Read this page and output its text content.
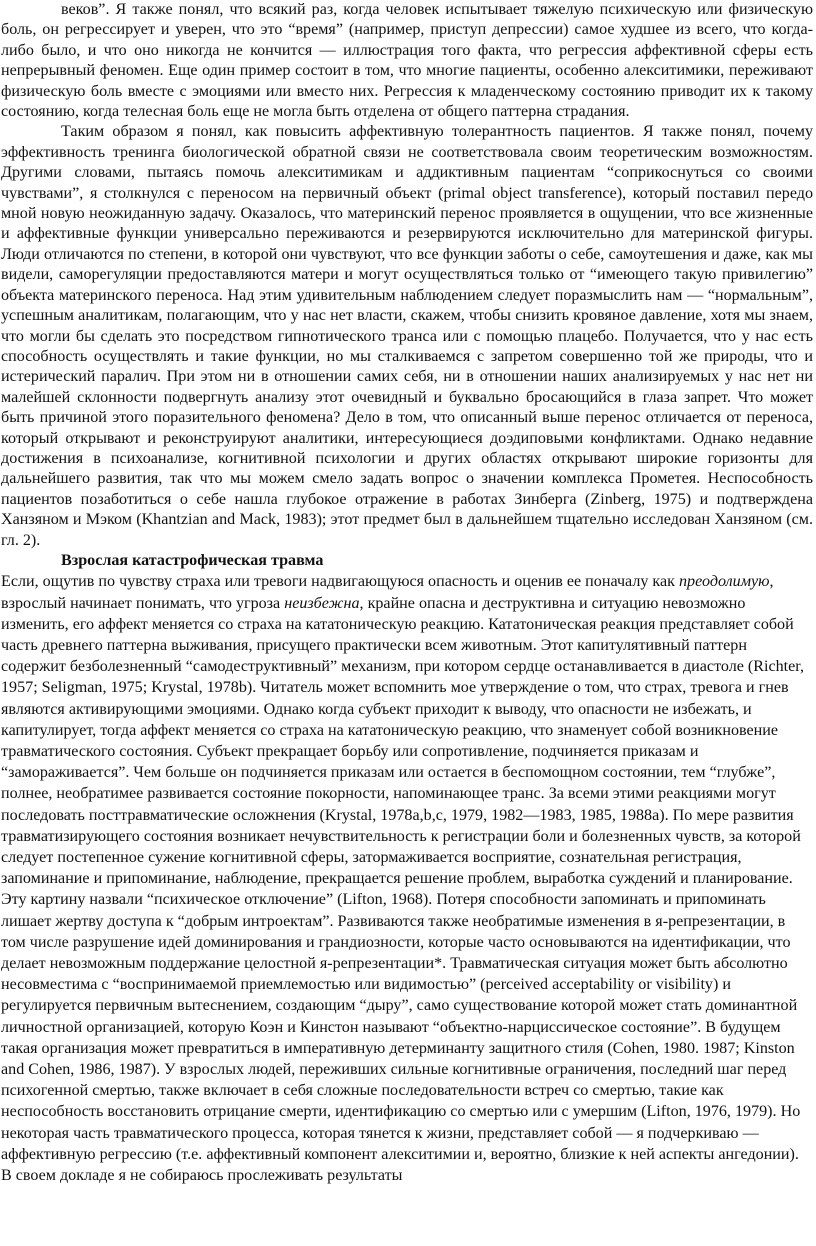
веков”. Я также понял, что всякий раз, когда человек испытывает тяжелую психическую или физическую боль, он регрессирует и уверен, что это “время” (например, приступ депрессии) самое худшее из всего, что когда-либо было, и что оно никогда не кончится — иллюстрация того факта, что регрессия аффективной сферы есть непрерывный феномен. Еще один пример состоит в том, что многие пациенты, особенно алекситимики, переживают физическую боль вместе с эмоциями или вместо них. Регрессия к младенческому состоянию приводит их к такому состоянию, когда телесная боль еще не могла быть отделена от общего паттерна страдания.

Таким образом я понял, как повысить аффективную толерантность пациентов. Я также понял, почему эффективность тренинга биологической обратной связи не соответствовала своим теоретическим возможностям. Другими словами, пытаясь помочь алекситимикам и аддиктивным пациентам “соприкоснуться со своими чувствами”, я столкнулся с переносом на первичный объект (primal object transference), который поставил передо мной новую неожиданную задачу. Оказалось, что материнский перенос проявляется в ощущении, что все жизненные и аффективные функции универсально переживаются и резервируются исключительно для материнской фигуры. Люди отличаются по степени, в которой они чувствуют, что все функции заботы о себе, самоутешения и даже, как мы видели, саморегуляции предоставляются матери и могут осуществляться только от “имеющего такую привилегию” объекта материнского переноса. Над этим удивительным наблюдением следует поразмыслить нам — “нормальным”, успешным аналитикам, полагающим, что у нас нет власти, скажем, чтобы снизить кровяное давление, хотя мы знаем, что могли бы сделать это посредством гипнотического транса или с помощью плацебо. Получается, что у нас есть способность осуществлять и такие функции, но мы сталкиваемся с запретом совершенно той же природы, что и истерический паралич. При этом ни в отношении самих себя, ни в отношении наших анализируемых у нас нет ни малейшей склонности подвергнуть анализу этот очевидный и буквально бросающийся в глаза запрет. Что может быть причиной этого поразительного феномена? Дело в том, что описанный выше перенос отличается от переноса, который открывают и реконструируют аналитики, интересующиеся доэдиповыми конфликтами. Однако недавние достижения в психоанализе, когнитивной психологии и других областях открывают широкие горизонты для дальнейшего развития, так что мы можем смело задать вопрос о значении комплекса Прометея. Неспособность пациентов позаботиться о себе нашла глубокое отражение в работах Зинберга (Zinberg, 1975) и подтверждена Ханзяном и Мэком (Khantzian and Mack, 1983); этот предмет был в дальнейшем тщательно исследован Ханзяном (см. гл. 2).

Взрослая катастрофическая травма

Если, ощутив по чувству страха или тревоги надвигающуюся опасность и оценив ее поначалу как преодолимую, взрослый начинает понимать, что угроза неизбежна, крайне опасна и деструктивна и ситуацию невозможно изменить, его аффект меняется со страха на кататоническую реакцию. Кататоническая реакция представляет собой часть древнего паттерна выживания, присущего практически всем животным. Этот капитулятивный паттерн содержит безболезненный “самодеструктивный” механизм, при котором сердце останавливается в диастоле (Richter, 1957; Seligman, 1975; Krystal, 1978b). Читатель может вспомнить мое утверждение о том, что страх, тревога и гнев являются активирующими эмоциями. Однако когда субъект приходит к выводу, что опасности не избежать, и капитулирует, тогда аффект меняется со страха на кататоническую реакцию, что знаменует собой возникновение травматического состояния. Субъект прекращает борьбу или сопротивление, подчиняется приказам и “замораживается”. Чем больше он подчиняется приказам или остается в беспомощном состоянии, тем “глубже”, полнее, необратимее развивается состояние покорности, напоминающее транс. За всеми этими реакциями могут последовать посттравматические осложнения (Krystal, 1978a,b,c, 1979, 1982—1983, 1985, 1988a). По мере развития травматизирующего состояния возникает нечувствительность к регистрации боли и болезненных чувств, за которой следует постепенное сужение когнитивной сферы, затормаживается восприятие, сознательная регистрация, запоминание и припоминание, наблюдение, прекращается решение проблем, выработка суждений и планирование. Эту картину назвали “психическое отключение” (Lifton, 1968). Потеря способности запоминать и припоминать лишает жертву доступа к “добрым интроектам”. Развиваются также необратимые изменения в я-репрезентации, в том числе разрушение идей доминирования и грандиозности, которые часто основываются на идентификации, что делает невозможным поддержание целостной я-репрезентации*. Травматическая ситуация может быть абсолютно несовместима с “воспринимаемой приемлемостью или видимостью” (perceived acceptability or visibility) и регулируется первичным вытеснением, создающим “дыру”, само существование которой может стать доминантной личностной организацией, которую Коэн и Кинстон называют “объектно-нарцисcическое состояние”. В будущем такая организация может превратиться в императивную детерминанту защитного стиля (Cohen, 1980. 1987; Kinston and Cohen, 1986, 1987). У взрослых людей, переживших сильные когнитивные ограничения, последний шаг перед психогенной смертью, также включает в себя сложные последовательности встреч со смертью, такие как неспособность восстановить отрицание смерти, идентификацию со смертью или с умершим (Lifton, 1976, 1979). Но некоторая часть травматического процесса, которая тянется к жизни, представляет собой — я подчеркиваю — аффективную регрессию (т.е. аффективный компонент алекситимии и, вероятно, близкие к ней аспекты ангедонии). В своем докладе я не собираюсь прослеживать результаты
